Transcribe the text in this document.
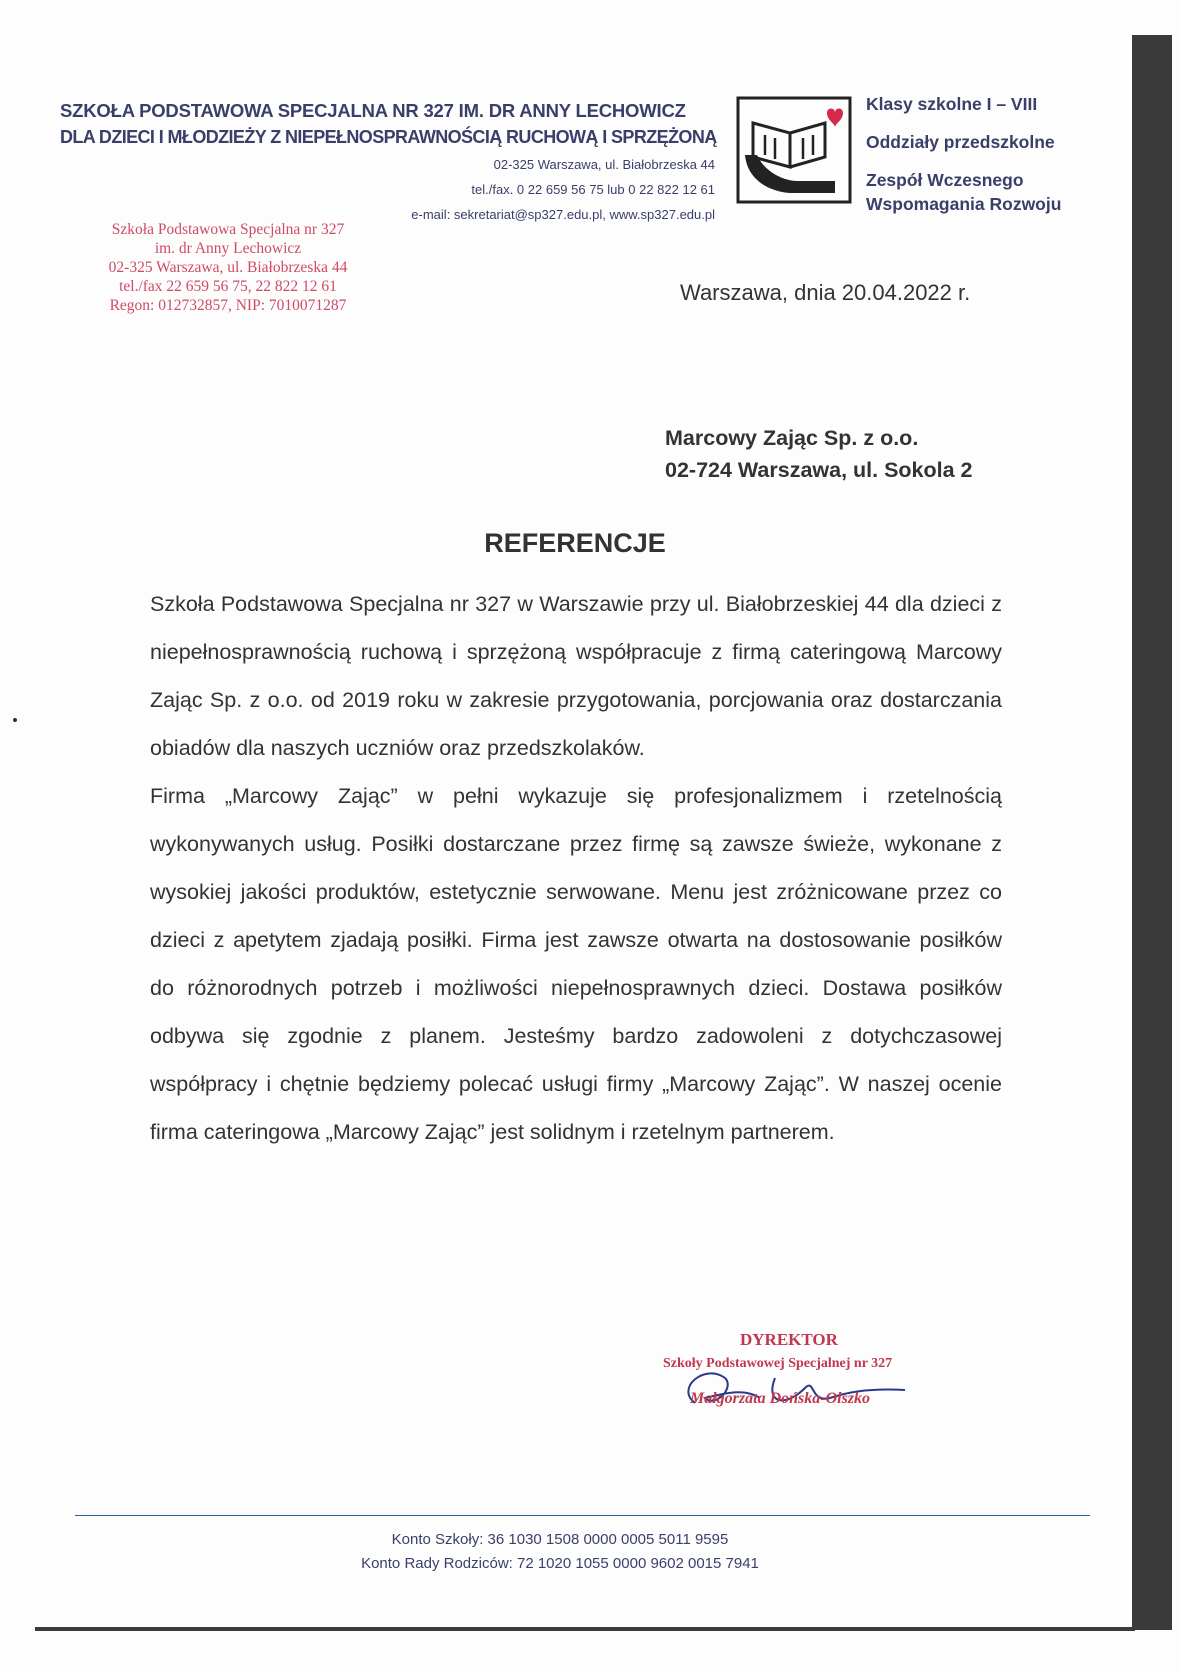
SZKOŁA PODSTAWOWA SPECJALNA NR 327 IM. DR ANNY LECHOWICZ
DLA DZIECI I MŁODZIEŻY Z NIEPEŁNOSPRAWNOŚCIĄ RUCHOWĄ I SPRZĘŻONĄ
02-325 Warszawa, ul. Białobrzeska 44
tel./fax. 0 22 659 56 75 lub 0 22 822 12 61
e-mail: sekretariat@sp327.edu.pl, www.sp327.edu.pl
Klasy szkolne I – VIII
Oddziały przedszkolne
Zespół Wczesnego
Wspomagania Rozwoju
Szkoła Podstawowa Specjalna nr 327
im. dr Anny Lechowicz
02-325 Warszawa, ul. Białobrzeska 44
tel./fax 22 659 56 75, 22 822 12 61
Regon: 012732857, NIP: 7010071287
Warszawa, dnia 20.04.2022 r.
Marcowy Zając Sp. z o.o.
02-724 Warszawa, ul. Sokola 2
REFERENCJE
Szkoła Podstawowa Specjalna nr 327 w Warszawie przy ul. Białobrzeskiej 44 dla dzieci z niepełnosprawnością ruchową i sprzężoną współpracuje z firmą cateringową Marcowy Zając Sp. z o.o. od 2019 roku w zakresie przygotowania, porcjowania oraz dostarczania obiadów dla naszych uczniów oraz przedszkolaków.
Firma „Marcowy Zając” w pełni wykazuje się profesjonalizmem i rzetelnością wykonywanych usług. Posiłki dostarczane przez firmę są zawsze świeże, wykonane z wysokiej jakości produktów, estetycznie serwowane. Menu jest zróżnicowane przez co dzieci z apetytem zjadają posiłki. Firma jest zawsze otwarta na dostosowanie posiłków do różnorodnych potrzeb i możliwości niepełnosprawnych dzieci. Dostawa posiłków odbywa się zgodnie z planem. Jesteśmy bardzo zadowoleni z dotychczasowej współpracy i chętnie będziemy polecać usługi firmy „Marcowy Zając”. W naszej ocenie firma cateringowa „Marcowy Zając” jest solidnym i rzetelnym partnerem.
DYREKTOR
Szkoły Podstawowej Specjalnej nr 327
Małgorzata Dońska-Olszko
Konto Szkoły: 36 1030 1508 0000 0005 5011 9595
Konto Rady Rodziców: 72 1020 1055 0000 9602 0015 7941
